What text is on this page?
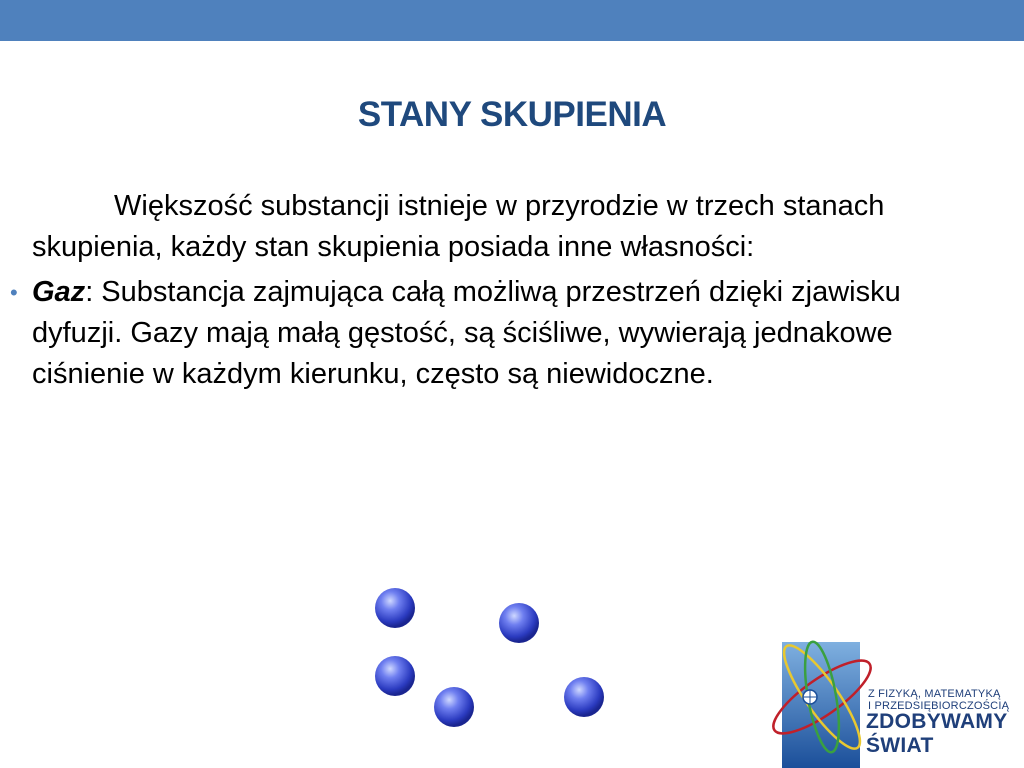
STANY SKUPIENIA

Większość substancji istnieje w przyrodzie w trzech stanach skupienia, każdy stan skupienia posiada inne własności:

• Gaz: Substancja zajmująca całą możliwą przestrzeń dzięki zjawisku dyfuzji. Gazy mają małą gęstość, są ściśliwe, wywierają jednakowe ciśnienie w każdym kierunku, często są niewidoczne.

Z FIZYKĄ, MATEMATYKĄ
I PRZEDSIĘBIORCZOŚCIĄ
ZDOBYWAMY
ŚWIAT
